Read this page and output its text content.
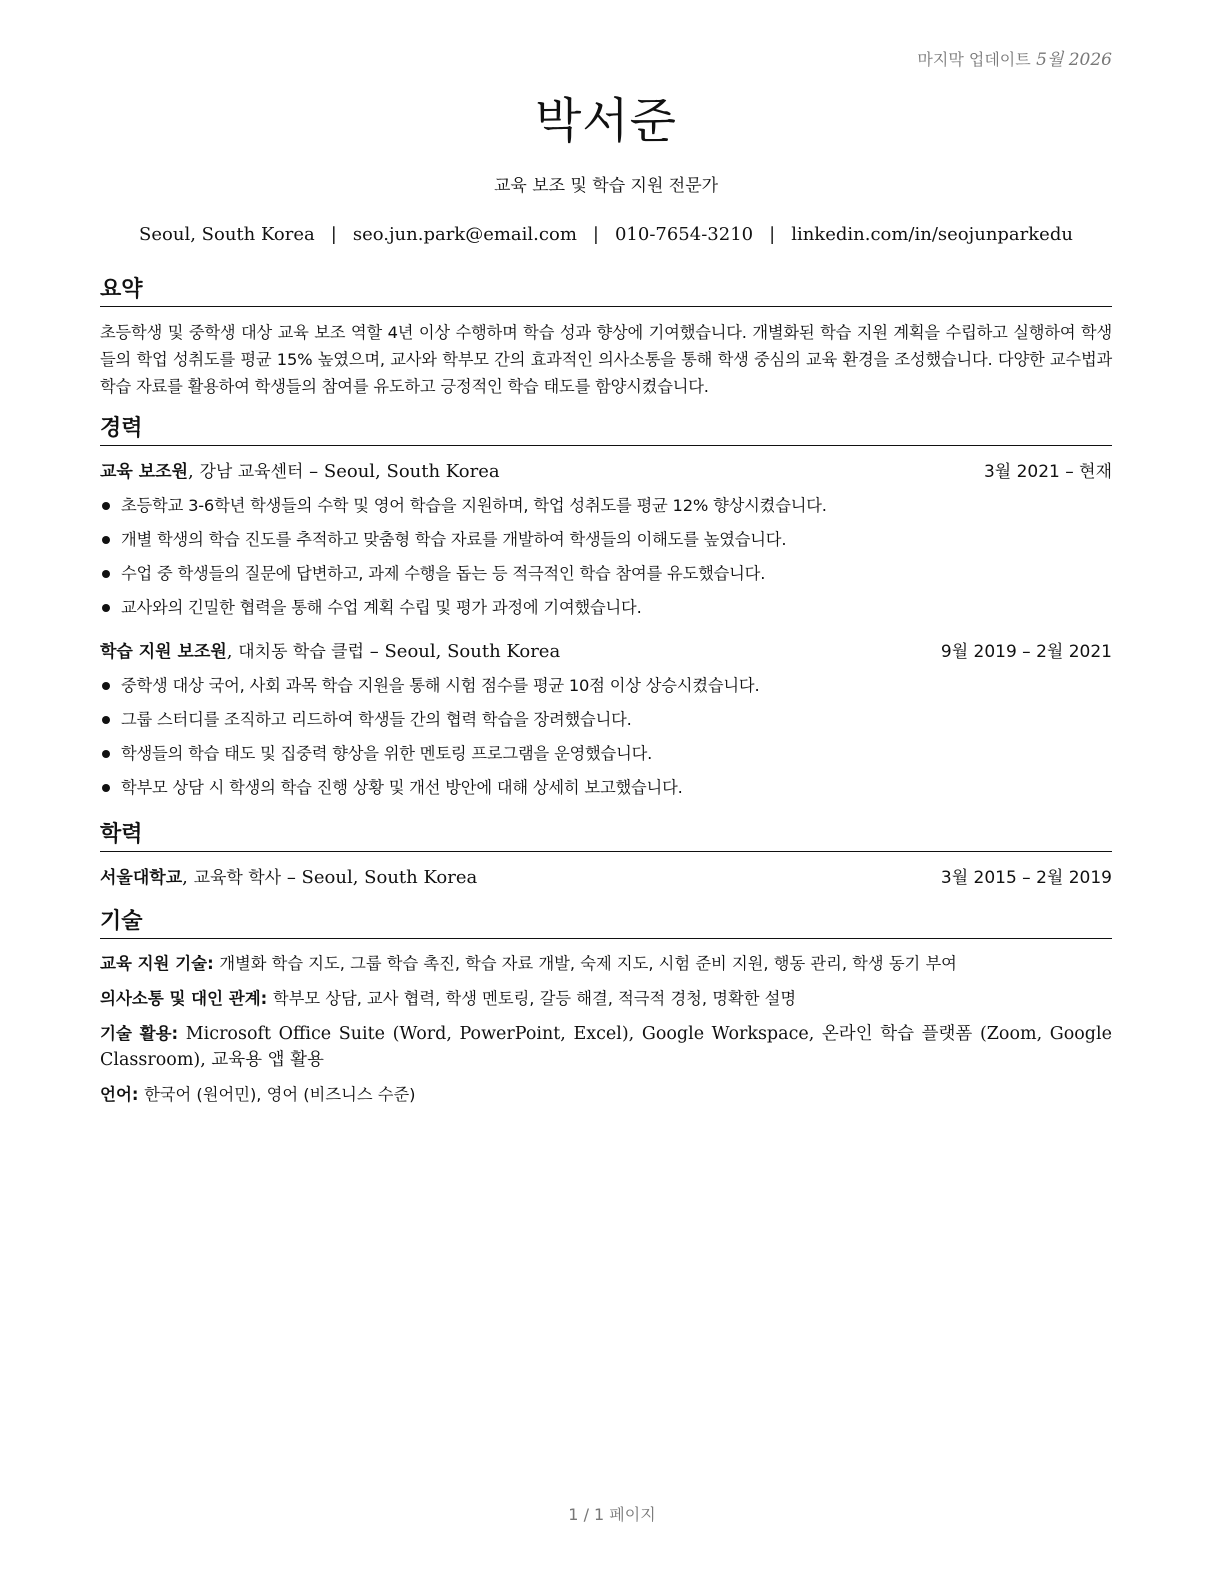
마지막 업데이트 5월 2026
박서준
교육 보조 및 학습 지원 전문가
Seoul, South Korea | seo.jun.park@email.com | 010-7654-3210 | linkedin.com/in/seojunparkedu
요약
초등학생 및 중학생 대상 교육 보조 역할 4년 이상 수행하며 학습 성과 향상에 기여했습니다. 개별화된 학습 지원 계획을 수립하고 실행하여 학생들의 학업 성취도를 평균 15% 높였으며, 교사와 학부모 간의 효과적인 의사소통을 통해 학생 중심의 교육 환경을 조성했습니다. 다양한 교수법과 학습 자료를 활용하여 학생들의 참여를 유도하고 긍정적인 학습 태도를 함양시켰습니다.
경력
교육 보조원, 강남 교육센터 – Seoul, South Korea	3월 2021 – 현재
초등학교 3-6학년 학생들의 수학 및 영어 학습을 지원하며, 학업 성취도를 평균 12% 향상시켰습니다.
개별 학생의 학습 진도를 추적하고 맞춤형 학습 자료를 개발하여 학생들의 이해도를 높였습니다.
수업 중 학생들의 질문에 답변하고, 과제 수행을 돕는 등 적극적인 학습 참여를 유도했습니다.
교사와의 긴밀한 협력을 통해 수업 계획 수립 및 평가 과정에 기여했습니다.
학습 지원 보조원, 대치동 학습 클럽 – Seoul, South Korea	9월 2019 – 2월 2021
중학생 대상 국어, 사회 과목 학습 지원을 통해 시험 점수를 평균 10점 이상 상승시켰습니다.
그룹 스터디를 조직하고 리드하여 학생들 간의 협력 학습을 장려했습니다.
학생들의 학습 태도 및 집중력 향상을 위한 멘토링 프로그램을 운영했습니다.
학부모 상담 시 학생의 학습 진행 상황 및 개선 방안에 대해 상세히 보고했습니다.
학력
서울대학교, 교육학 학사 – Seoul, South Korea	3월 2015 – 2월 2019
기술
교육 지원 기술: 개별화 학습 지도, 그룹 학습 촉진, 학습 자료 개발, 숙제 지도, 시험 준비 지원, 행동 관리, 학생 동기 부여
의사소통 및 대인 관계: 학부모 상담, 교사 협력, 학생 멘토링, 갈등 해결, 적극적 경청, 명확한 설명
기술 활용: Microsoft Office Suite (Word, PowerPoint, Excel), Google Workspace, 온라인 학습 플랫폼 (Zoom, Google Classroom), 교육용 앱 활용
언어: 한국어 (원어민), 영어 (비즈니스 수준)
1 / 1 페이지
